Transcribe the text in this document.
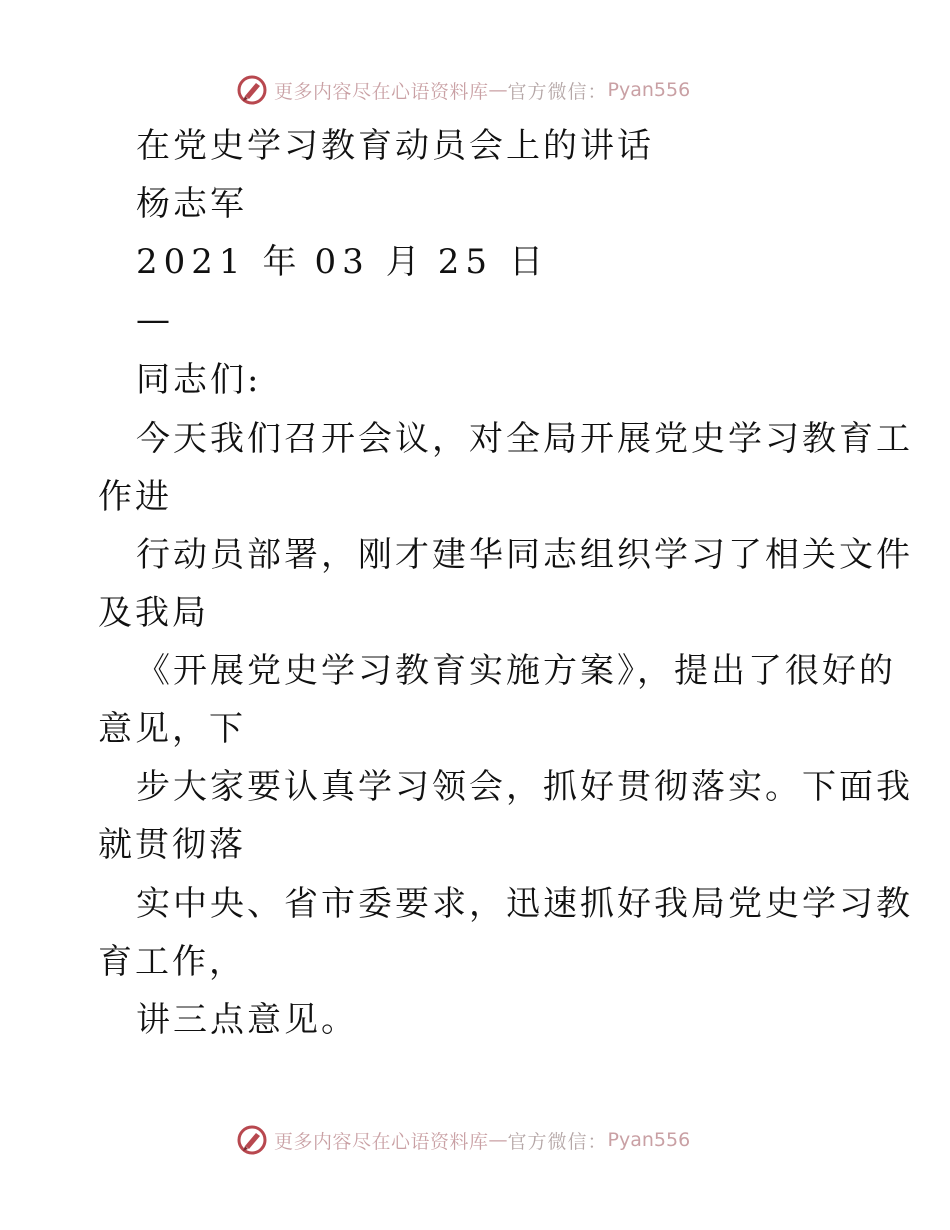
更多内容尽在心语资料库 — 官方微信： Pyan556
在党史学习教育动员会上的讲话
杨志军
2021 年 03 月 25 日
—
同志们:
今天我们召开会议，对全局开展党史学习教育工
作进
行动员部署，刚才建华同志组织学习了相关文件
及我局
《开展党史学习教育实施方案》，提出了很好的
意见，下
步大家要认真学习领会，抓好贯彻落实。下面我
就贯彻落
实中央、省市委要求，迅速抓好我局党史学习教
育工作，
讲三点意见。
更多内容尽在心语资料库 — 官方微信： Pyan556
